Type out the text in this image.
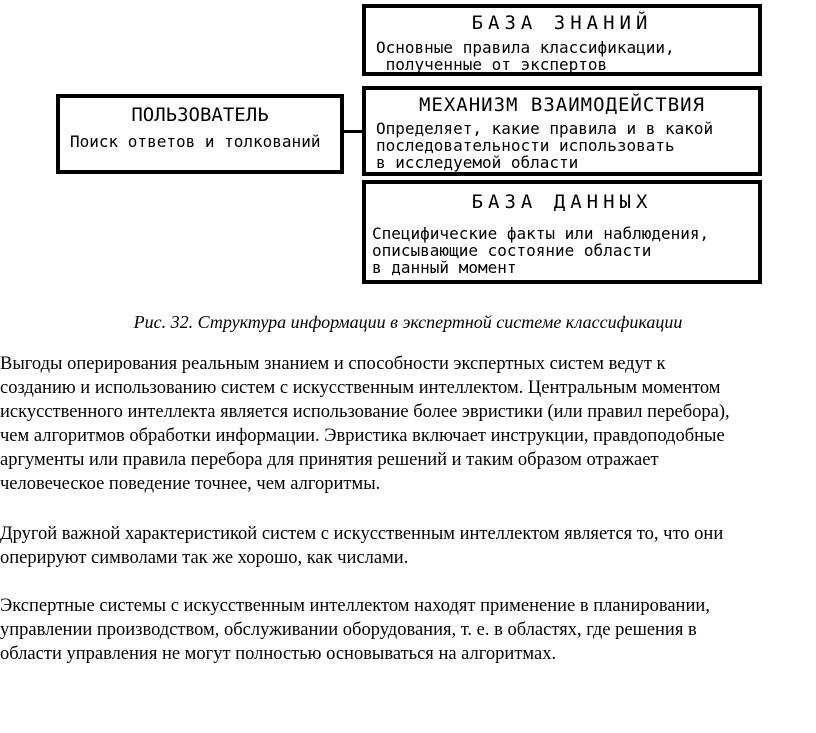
ПОЛЬЗОВАТЕЛЬ
Поиск ответов и толкований
БАЗА ЗНАНИЙ
Основные правила классификации,
полученные от экспертов
МЕХАНИЗМ ВЗАИМОДЕЙСТВИЯ
Определяет, какие правила и в какой
последовательности использовать
в исследуемой области
БАЗА ДАННЫХ
Специфические факты или наблюдения,
описывающие состояние области
в данный момент
Рис. 32. Структура информации в экспертной системе классификации

Выгоды оперирования реальным знанием и способности экспертных систем ведут к
созданию и использованию систем с искусственным интеллектом. Центральным моментом
искусственного интеллекта является использование более эвристики (или правил перебора),
чем алгоритмов обработки информации. Эвристика включает инструкции, правдоподобные
аргументы или правила перебора для принятия решений и таким образом отражает
человеческое поведение точнее, чем алгоритмы.

Другой важной характеристикой систем с искусственным интеллектом является то, что они
оперируют символами так же хорошо, как числами.

Экспертные системы с искусственным интеллектом находят применение в планировании,
управлении производством, обслуживании оборудования, т. е. в областях, где решения в
области управления не могут полностью основываться на алгоритмах.
